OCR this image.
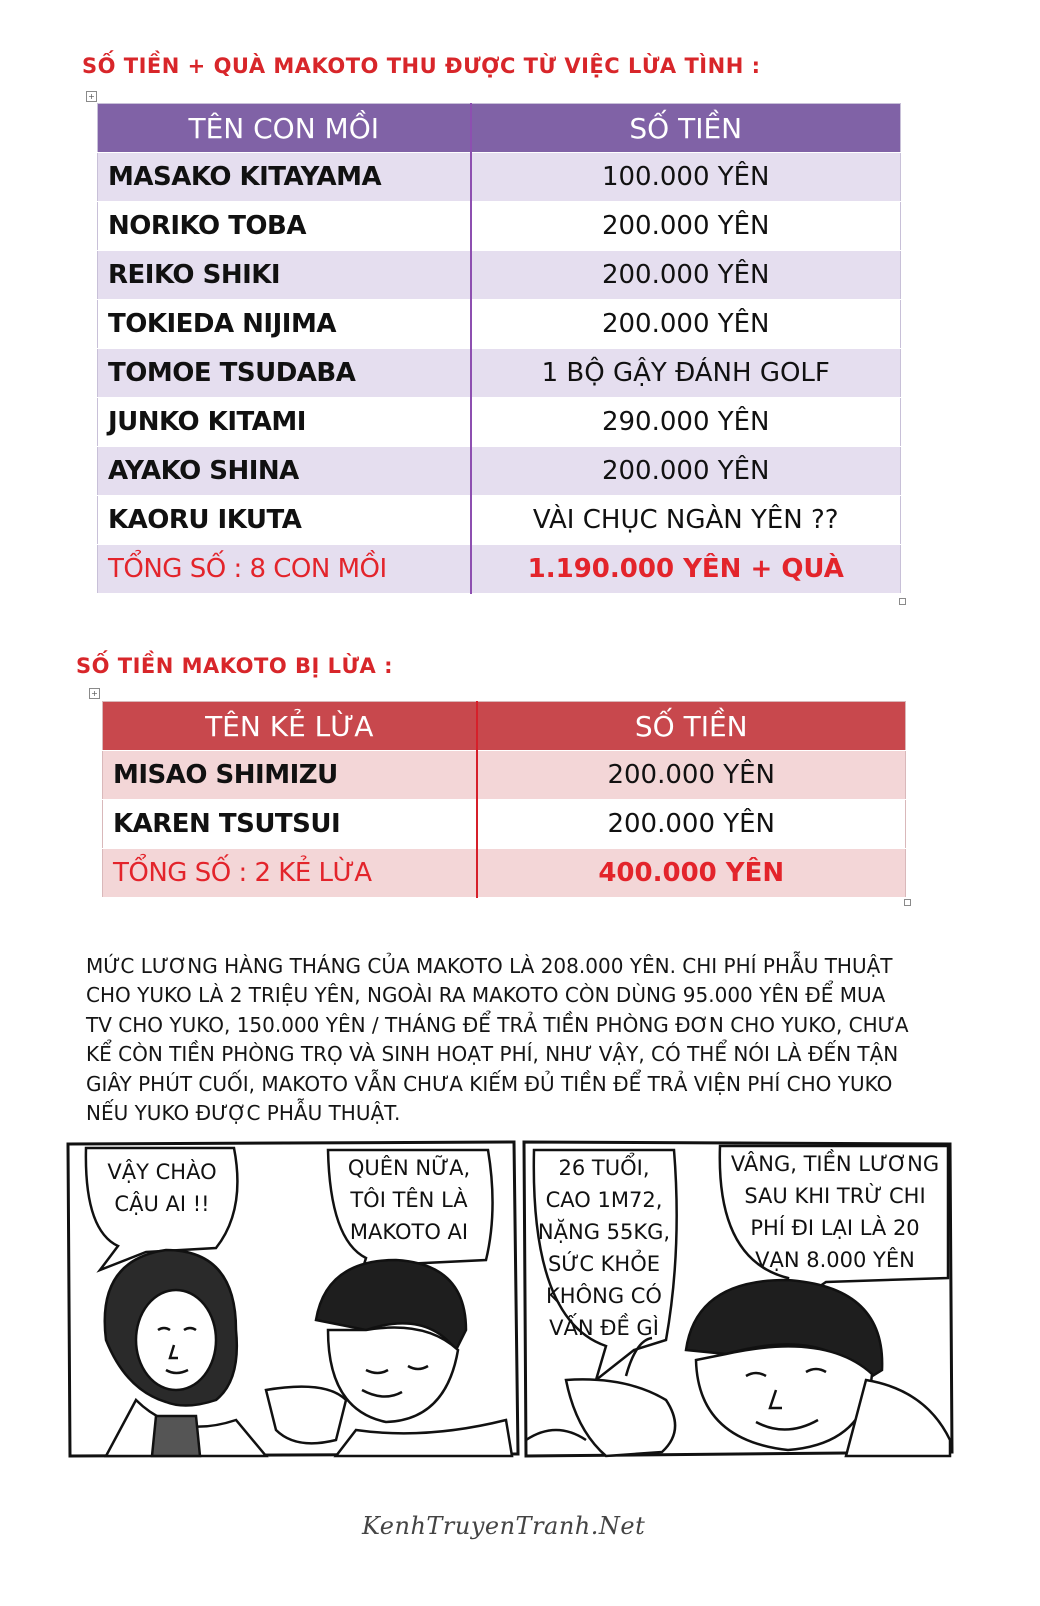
SỐ TIỀN + QUÀ MAKOTO THU ĐƯỢC TỪ VIỆC LỪA TÌNH :
+
TÊN CON MỒI	SỐ TIỀN
MASAKO KITAYAMA	100.000 YÊN
NORIKO TOBA	200.000 YÊN
REIKO SHIKI	200.000 YÊN
TOKIEDA NIJIMA	200.000 YÊN
TOMOE TSUDABA	1 BỘ GẬY ĐÁNH GOLF
JUNKO KITAMI	290.000 YÊN
AYAKO SHINA	200.000 YÊN
KAORU IKUTA	VÀI CHỤC NGÀN YÊN ??
TỔNG SỐ : 8 CON MỒI	1.190.000 YÊN + QUÀ
SỐ TIỀN MAKOTO BỊ LỪA :
+
TÊN KẺ LỪA	SỐ TIỀN
MISAO SHIMIZU	200.000 YÊN
KAREN TSUTSUI	200.000 YÊN
TỔNG SỐ : 2 KẺ LỪA	400.000 YÊN
MỨC LƯƠNG HÀNG THÁNG CỦA MAKOTO LÀ 208.000 YÊN. CHI PHÍ PHẪU THUẬT
CHO YUKO LÀ 2 TRIỆU YÊN, NGOÀI RA MAKOTO CÒN DÙNG 95.000 YÊN ĐỂ MUA
TV CHO YUKO, 150.000 YÊN / THÁNG ĐỂ TRẢ TIỀN PHÒNG ĐƠN CHO YUKO, CHƯA
KỂ CÒN TIỀN PHÒNG TRỌ VÀ SINH HOẠT PHÍ, NHƯ VẬY, CÓ THỂ NÓI LÀ ĐẾN TẬN
GIÂY PHÚT CUỐI, MAKOTO VẪN CHƯA KIẾM ĐỦ TIỀN ĐỂ TRẢ VIỆN PHÍ CHO YUKO
NẾU YUKO ĐƯỢC PHẪU THUẬT.
VẬY CHÀO
CẬU AI !!
QUÊN NỮA,
TÔI TÊN LÀ
MAKOTO AI
26 TUỔI,
CAO 1M72,
NẶNG 55KG,
SỨC KHỎE
KHÔNG CÓ
VẤN ĐỀ GÌ
VÂNG, TIỀN LƯƠNG
SAU KHI TRỪ CHI
PHÍ ĐI LẠI LÀ 20
VẠN 8.000 YÊN
KenhTruyenTranh.Net
